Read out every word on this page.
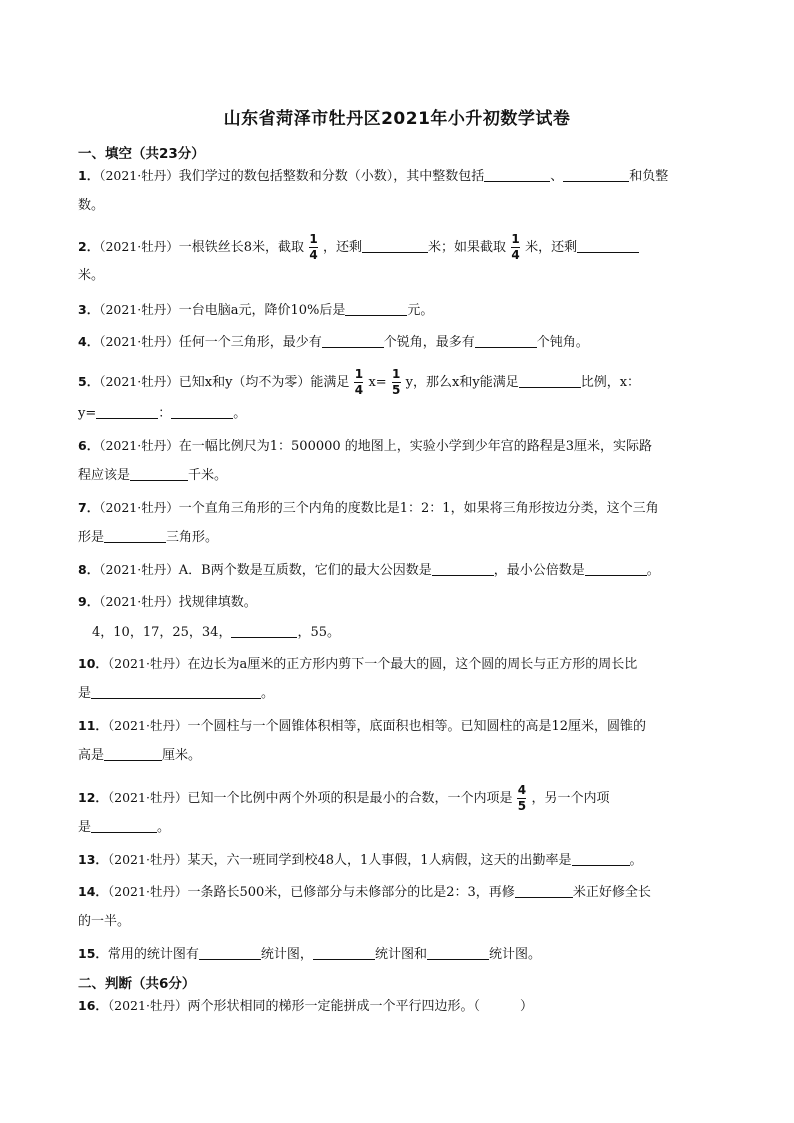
山东省菏泽市牡丹区2021年小升初数学试卷
一、填空（共23分）
1．（2021·牡丹）我们学过的数包括整数和分数（小数），其中整数包括	、	和负整
数。
2．（2021·牡丹）一根铁丝长8米，截取 $\frac{1}{4}$ ，还剩	米；如果截取 $\frac{1}{4}$ 米，还剩
米。
3．（2021·牡丹）一台电脑a元，降价10%后是	元。
4．（2021·牡丹）任何一个三角形，最少有	个锐角，最多有	个钝角。
5．（2021·牡丹）已知x和y（均不为零）能满足 $\frac{1}{4} x= \frac{1}{5}$ y，那么x和y能满足	比例，x：
y=	：	。
6．（2021·牡丹）在一幅比例尺为1：500000 的地图上，实验小学到少年宫的路程是3厘米，实际路
程应该是	千米。
7．（2021·牡丹）一个直角三角形的三个内角的度数比是1：2：1，如果将三角形按边分类，这个三角
形是	三角形。
8．（2021·牡丹）A．B两个数是互质数，它们的最大公因数是	，最小公倍数是	。
9．（2021·牡丹）找规律填数。
4，10，17，25，34，	，55。
10．（2021·牡丹）在边长为a厘米的正方形内剪下一个最大的圆，这个圆的周长与正方形的周长比
是	。
11．（2021·牡丹）一个圆柱与一个圆锥体积相等，底面积也相等。已知圆柱的高是12厘米，圆锥的
高是	厘米。
12．（2021·牡丹）已知一个比例中两个外项的积是最小的合数，一个内项是 $\frac{4}{5}$ ，另一个内项
是	。
13．（2021·牡丹）某天，六一班同学到校48人，1人事假，1人病假，这天的出勤率是	。
14．（2021·牡丹）一条路长500米，已修部分与未修部分的比是2：3，再修	米正好修全长
的一半。
15．常用的统计图有	统计图，	统计图和	统计图。
二、判断（共6分）
16．（2021·牡丹）两个形状相同的梯形一定能拼成一个平行四边形。（	）
